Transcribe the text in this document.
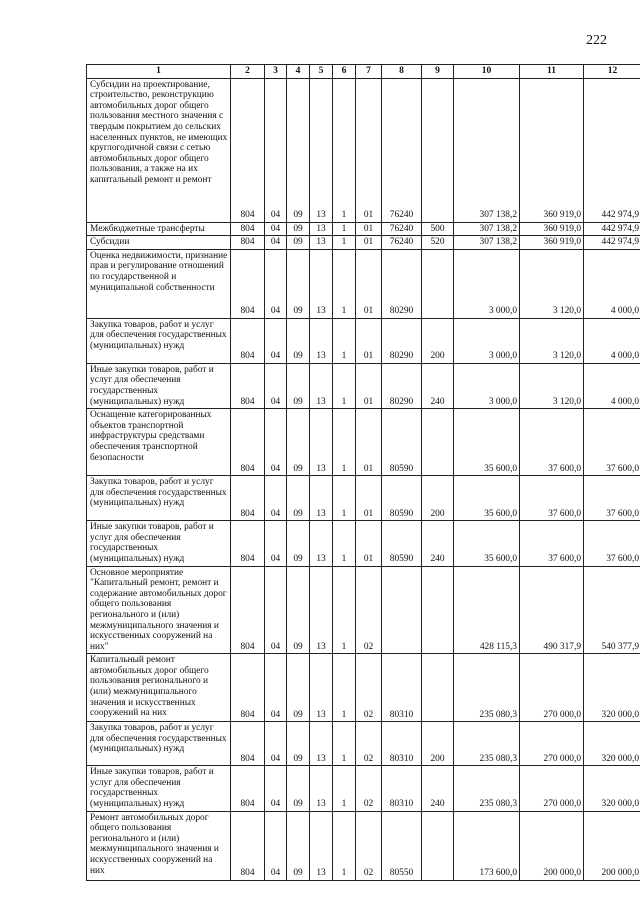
222
1	2	3	4	5	6	7	8	9	10	11	12
Субсидии на проектирование, строительство, реконструкцию автомобильных дорог общего пользования местного значения с твердым покрытием до сельских населенных пунктов, не имеющих круглогодичной связи с сетью автомобильных дорог общего пользования, а также на их капитальный ремонт и ремонт	804	04	09	13	1	01	76240		307 138,2	360 919,0	442 974,9
Межбюджетные трансферты	804	04	09	13	1	01	76240	500	307 138,2	360 919,0	442 974,9
Субсидии	804	04	09	13	1	01	76240	520	307 138,2	360 919,0	442 974,9
Оценка недвижимости, признание прав и регулирование отношений по государственной и муниципальной собственности	804	04	09	13	1	01	80290		3 000,0	3 120,0	4 000,0
Закупка товаров, работ и услуг для обеспечения государственных (муниципальных) нужд	804	04	09	13	1	01	80290	200	3 000,0	3 120,0	4 000,0
Иные закупки товаров, работ и услуг для обеспечения государственных (муниципальных) нужд	804	04	09	13	1	01	80290	240	3 000,0	3 120,0	4 000,0
Оснащение категорированных объектов транспортной инфраструктуры средствами обеспечения транспортной безопасности	804	04	09	13	1	01	80590		35 600,0	37 600,0	37 600,0
Закупка товаров, работ и услуг для обеспечения государственных (муниципальных) нужд	804	04	09	13	1	01	80590	200	35 600,0	37 600,0	37 600,0
Иные закупки товаров, работ и услуг для обеспечения государственных (муниципальных) нужд	804	04	09	13	1	01	80590	240	35 600,0	37 600,0	37 600,0
Основное мероприятие "Капитальный ремонт, ремонт и содержание автомобильных дорог общего пользования регионального и (или) межмуниципального значения и искусственных сооружений на них"	804	04	09	13	1	02			428 115,3	490 317,9	540 377,9
Капитальный ремонт автомобильных дорог общего пользования регионального и (или) межмуниципального значения и искусственных сооружений на них	804	04	09	13	1	02	80310		235 080,3	270 000,0	320 000,0
Закупка товаров, работ и услуг для обеспечения государственных (муниципальных) нужд	804	04	09	13	1	02	80310	200	235 080,3	270 000,0	320 000,0
Иные закупки товаров, работ и услуг для обеспечения государственных (муниципальных) нужд	804	04	09	13	1	02	80310	240	235 080,3	270 000,0	320 000,0
Ремонт автомобильных дорог общего пользования регионального и (или) межмуниципального значения и искусственных сооружений на них	804	04	09	13	1	02	80550		173 600,0	200 000,0	200 000,0
